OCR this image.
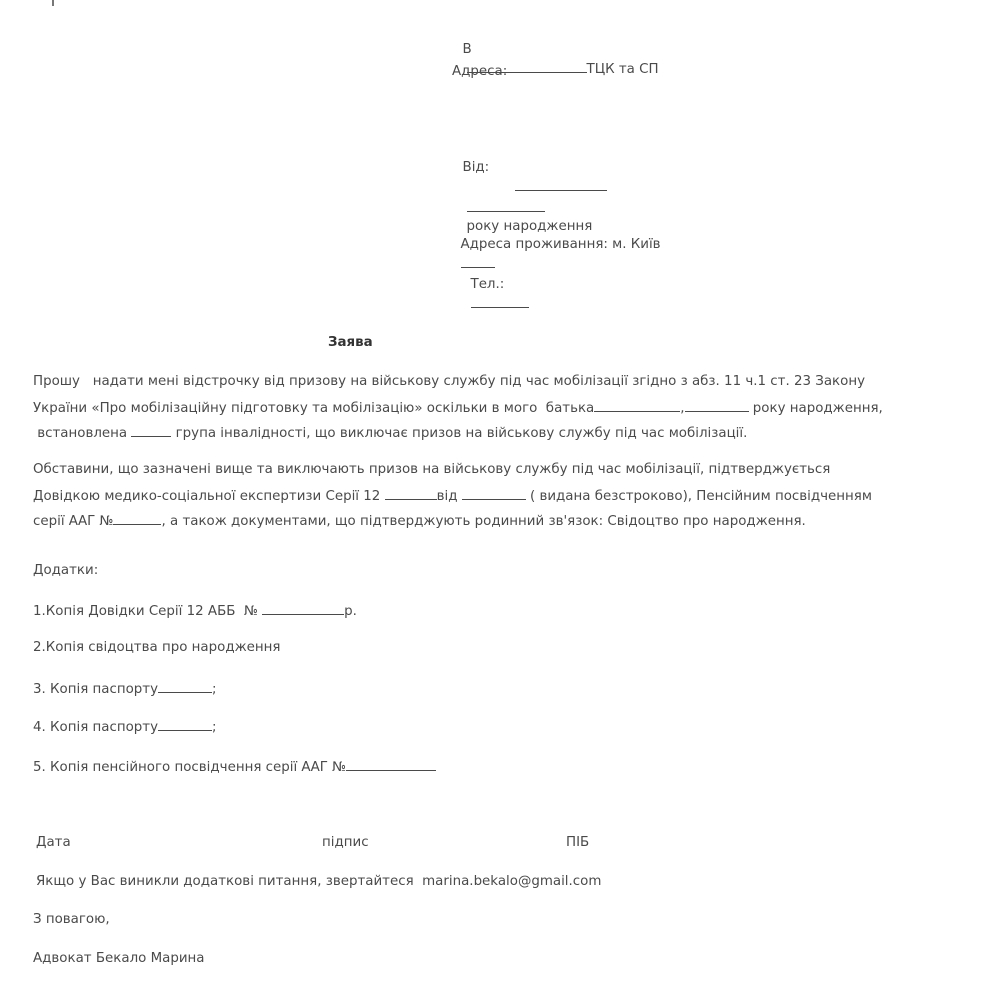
В
ТЦК та СП

Адреса:

Від:

року народження

Адреса проживання: м. Київ

Тел.:

Заява
Прошу   надати мені відстрочку від призову на військову службу під час мобілізації згідно з абз. 11 ч.1 ст. 23 Закону
України «Про мобілізаційну підготовку та мобілізацію» оскільки в мого  батька	,	року народження,
встановлена	група інвалідності, що виключає призов на військову службу під час мобілізації.
Обставини, що зазначені вище та виключають призов на військову службу під час мобілізації, підтверджується
Довідкою медико-соціальної експертизи Серії 12	від	( видана безстроково), Пенсійним посвідченням
серії ААГ №	, а також документами, що підтверджують родинний зв'язок: Свідоцтво про народження.
Додатки:
1.Копія Довідки Серії 12 АББ  №	р.
2.Копія свідоцтва про народження
3. Копія паспорту	;
4. Копія паспорту	;
5. Копія пенсійного посвідчення серії ААГ №
Дата	підпис	ПІБ
Якщо у Вас виникли додаткові питання, звертайтеся  marina.bekalo@gmail.com
З повагою,
Адвокат Бекало Марина
